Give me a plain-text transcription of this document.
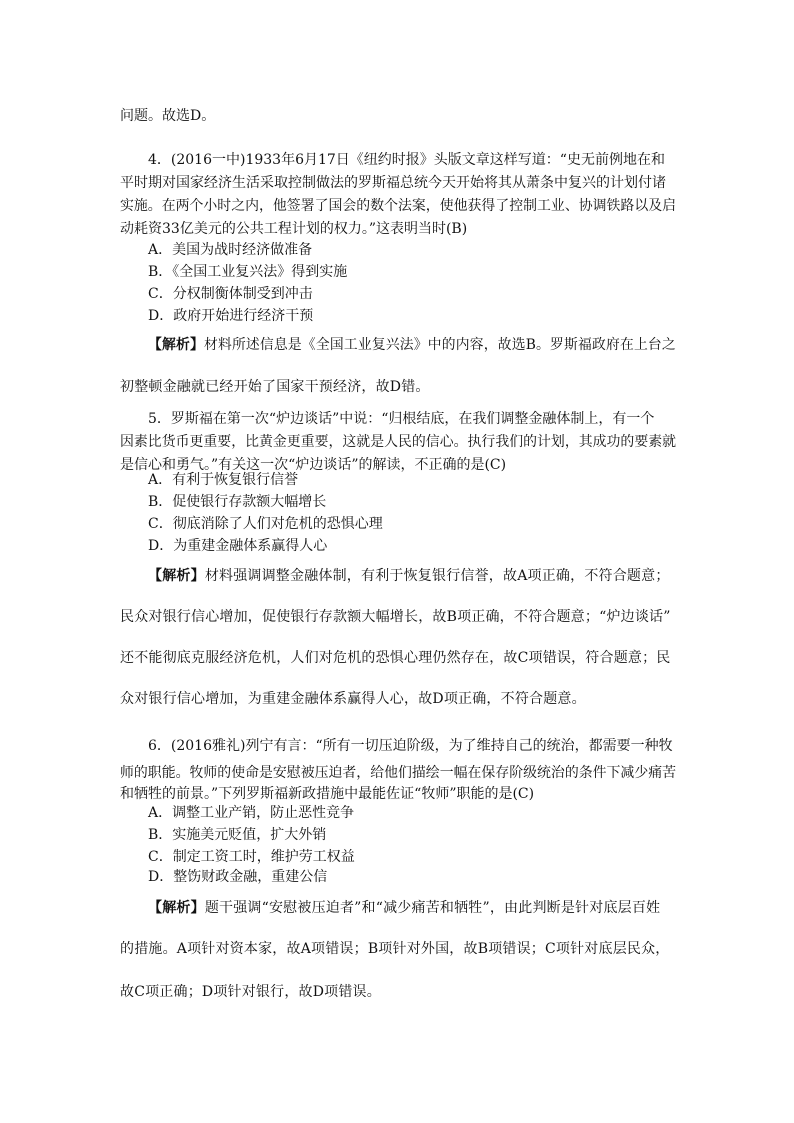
问题。故选D。
4．(2016一中)1933年6月17日《纽约时报》头版文章这样写道：“史无前例地在和
平时期对国家经济生活采取控制做法的罗斯福总统今天开始将其从萧条中复兴的计划付诸
实施。在两个小时之内，他签署了国会的数个法案，使他获得了控制工业、协调铁路以及启
动耗资33亿美元的公共工程计划的权力。”这表明当时(B)
A．美国为战时经济做准备
B．《全国工业复兴法》得到实施
C．分权制衡体制受到冲击
D．政府开始进行经济干预
【解析】材料所述信息是《全国工业复兴法》中的内容，故选B。罗斯福政府在上台之
初整顿金融就已经开始了国家干预经济，故D错。
5．罗斯福在第一次“炉边谈话”中说：“归根结底，在我们调整金融体制上，有一个
因素比货币更重要，比黄金更重要，这就是人民的信心。执行我们的计划，其成功的要素就
是信心和勇气。”有关这一次“炉边谈话”的解读，不正确的是(C)
A．有利于恢复银行信誉
B．促使银行存款额大幅增长
C．彻底消除了人们对危机的恐惧心理
D．为重建金融体系赢得人心
【解析】材料强调调整金融体制，有利于恢复银行信誉，故A项正确，不符合题意；
民众对银行信心增加，促使银行存款额大幅增长，故B项正确，不符合题意；“炉边谈话”
还不能彻底克服经济危机，人们对危机的恐惧心理仍然存在，故C项错误，符合题意；民
众对银行信心增加，为重建金融体系赢得人心，故D项正确，不符合题意。
6．(2016雅礼)列宁有言：“所有一切压迫阶级，为了维持自己的统治，都需要一种牧
师的职能。牧师的使命是安慰被压迫者，给他们描绘一幅在保存阶级统治的条件下减少痛苦
和牺牲的前景。”下列罗斯福新政措施中最能佐证“牧师”职能的是(C)
A．调整工业产销，防止恶性竞争
B．实施美元贬值，扩大外销
C．制定工资工时，维护劳工权益
D．整饬财政金融，重建公信
【解析】题干强调“安慰被压迫者”和“减少痛苦和牺牲”，由此判断是针对底层百姓
的措施。A项针对资本家，故A项错误；B项针对外国，故B项错误；C项针对底层民众，
故C项正确；D项针对银行，故D项错误。
